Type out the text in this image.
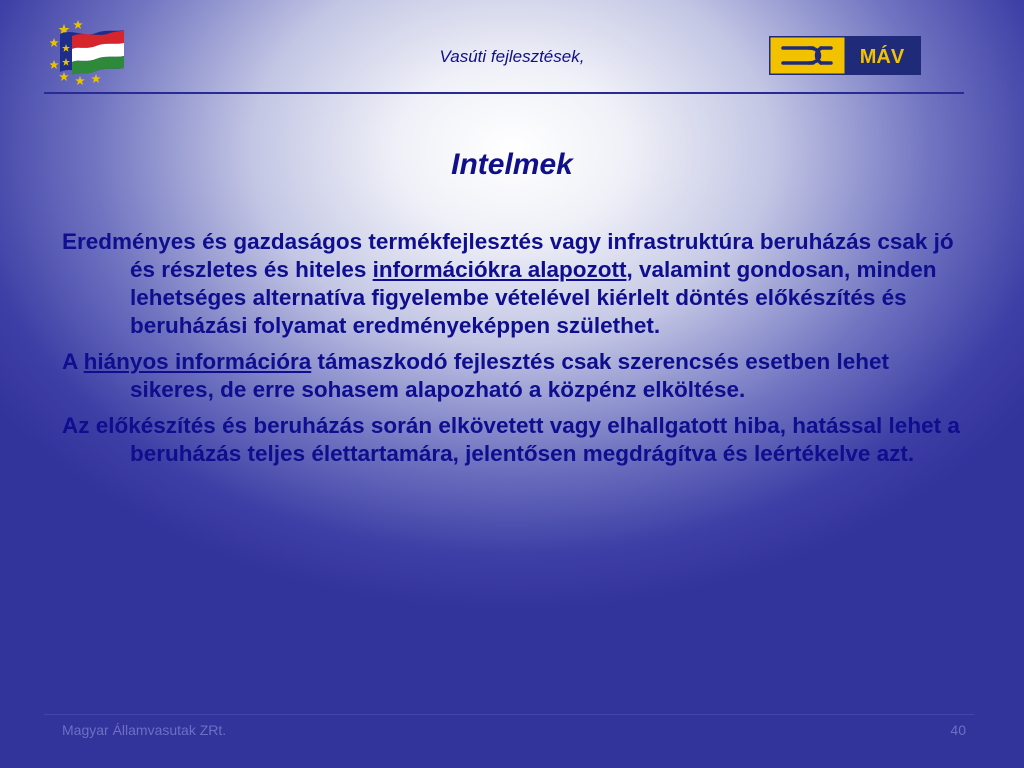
Vasúti fejlesztések,	MÁV
Intelmek

Eredményes és gazdaságos termékfejlesztés vagy infrastruktúra beruházás csak jó és részletes és hiteles információkra alapozott, valamint gondosan, minden lehetséges alternatíva figyelembe vételével kiérlelt döntés előkészítés és beruházási folyamat eredményeképpen születhet.

A hiányos információra támaszkodó fejlesztés csak szerencsés esetben lehet sikeres, de erre sohasem alapozható a közpénz elköltése.

Az előkészítés és beruházás során elkövetett vagy elhallgatott hiba, hatással lehet a beruházás teljes élettartamára, jelentősen megdrágítva és leértékelve azt.

Magyar Államvasutak ZRt.	40
